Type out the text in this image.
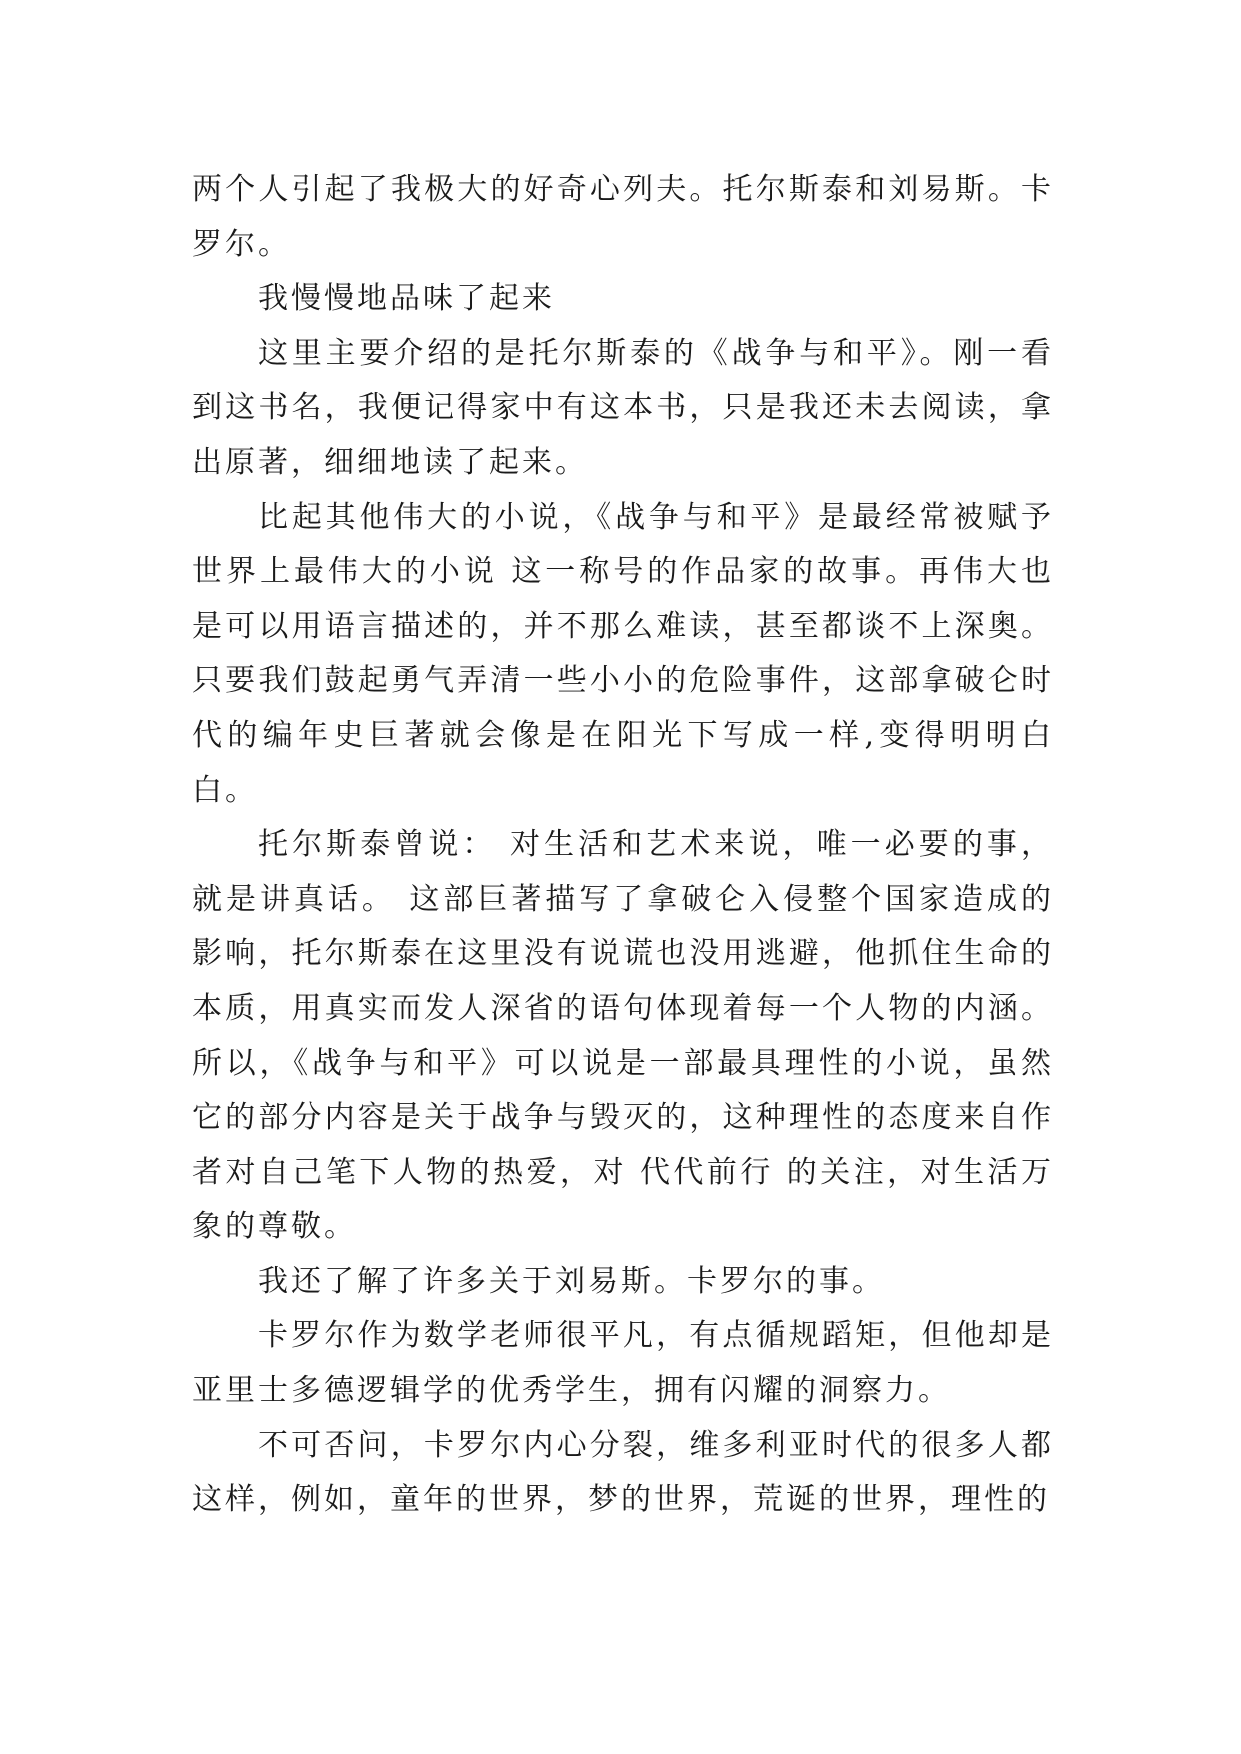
两个人引起了我极大的好奇心列夫。托尔斯泰和刘易斯。卡罗尔。

我慢慢地品味了起来

这里主要介绍的是托尔斯泰的《战争与和平》。刚一看到这书名，我便记得家中有这本书，只是我还未去阅读，拿出原著，细细地读了起来。

比起其他伟大的小说，《战争与和平》是最经常被赋予世界上最伟大的小说 这一称号的作品家的故事。再伟大也是可以用语言描述的，并不那么难读，甚至都谈不上深奥。只要我们鼓起勇气弄清一些小小的危险事件，这部拿破仑时代的编年史巨著就会像是在阳光下写成一样,变得明明白白。

托尔斯泰曾说： 对生活和艺术来说，唯一必要的事，就是讲真话。 这部巨著描写了拿破仑入侵整个国家造成的影响，托尔斯泰在这里没有说谎也没用逃避，他抓住生命的本质，用真实而发人深省的语句体现着每一个人物的内涵。所以，《战争与和平》可以说是一部最具理性的小说，虽然它的部分内容是关于战争与毁灭的，这种理性的态度来自作者对自己笔下人物的热爱，对 代代前行 的关注，对生活万象的尊敬。

我还了解了许多关于刘易斯。卡罗尔的事。

卡罗尔作为数学老师很平凡，有点循规蹈矩，但他却是亚里士多德逻辑学的优秀学生，拥有闪耀的洞察力。

不可否问，卡罗尔内心分裂，维多利亚时代的很多人都这样，例如，童年的世界，梦的世界，荒诞的世界，理性的
